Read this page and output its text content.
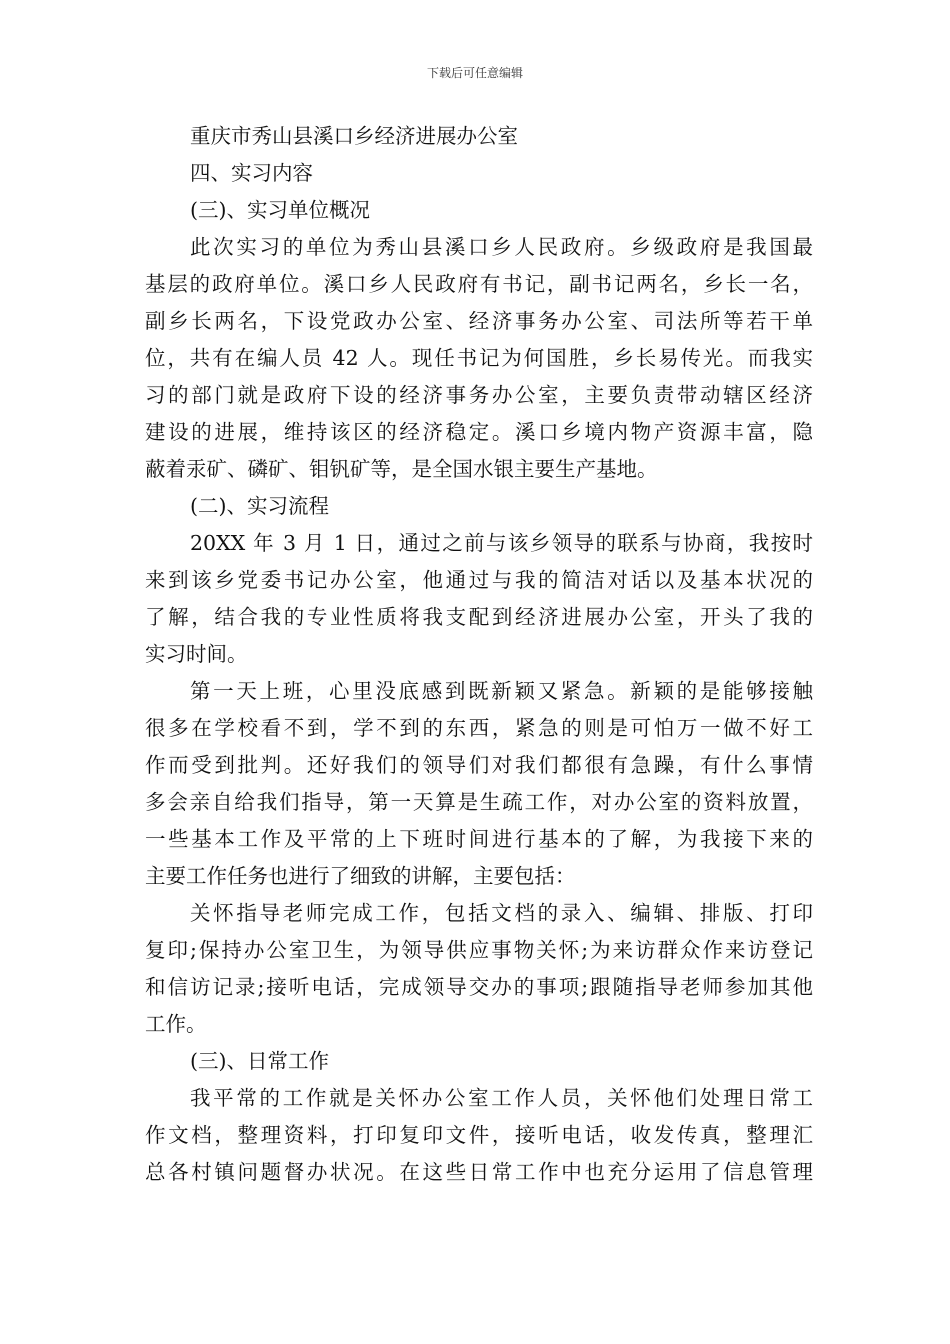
下载后可任意编辑
重庆市秀山县溪口乡经济进展办公室
四、实习内容
(三)、实习单位概况
此次实习的单位为秀山县溪口乡人民政府。乡级政府是我国最
基层的政府单位。溪口乡人民政府有书记，副书记两名，乡长一名，
副乡长两名，下设党政办公室、经济事务办公室、司法所等若干单
位，共有在编人员 42 人。现任书记为何国胜，乡长易传光。而我实
习的部门就是政府下设的经济事务办公室，主要负责带动辖区经济
建设的进展，维持该区的经济稳定。溪口乡境内物产资源丰富，隐
蔽着汞矿、磷矿、钼钒矿等，是全国水银主要生产基地。
(二)、实习流程
20XX 年 3 月 1 日，通过之前与该乡领导的联系与协商，我按时
来到该乡党委书记办公室，他通过与我的简洁对话以及基本状况的
了解，结合我的专业性质将我支配到经济进展办公室，开头了我的
实习时间。
第一天上班，心里没底感到既新颖又紧急。新颖的是能够接触
很多在学校看不到，学不到的东西，紧急的则是可怕万一做不好工
作而受到批判。还好我们的领导们对我们都很有急躁，有什么事情
多会亲自给我们指导，第一天算是生疏工作，对办公室的资料放置，
一些基本工作及平常的上下班时间进行基本的了解，为我接下来的
主要工作任务也进行了细致的讲解，主要包括：
关怀指导老师完成工作，包括文档的录入、编辑、排版、打印
复印;保持办公室卫生，为领导供应事物关怀;为来访群众作来访登记
和信访记录;接听电话，完成领导交办的事项;跟随指导老师参加其他
工作。
(三)、日常工作
我平常的工作就是关怀办公室工作人员，关怀他们处理日常工
作文档，整理资料，打印复印文件，接听电话，收发传真，整理汇
总各村镇问题督办状况。在这些日常工作中也充分运用了信息管理
